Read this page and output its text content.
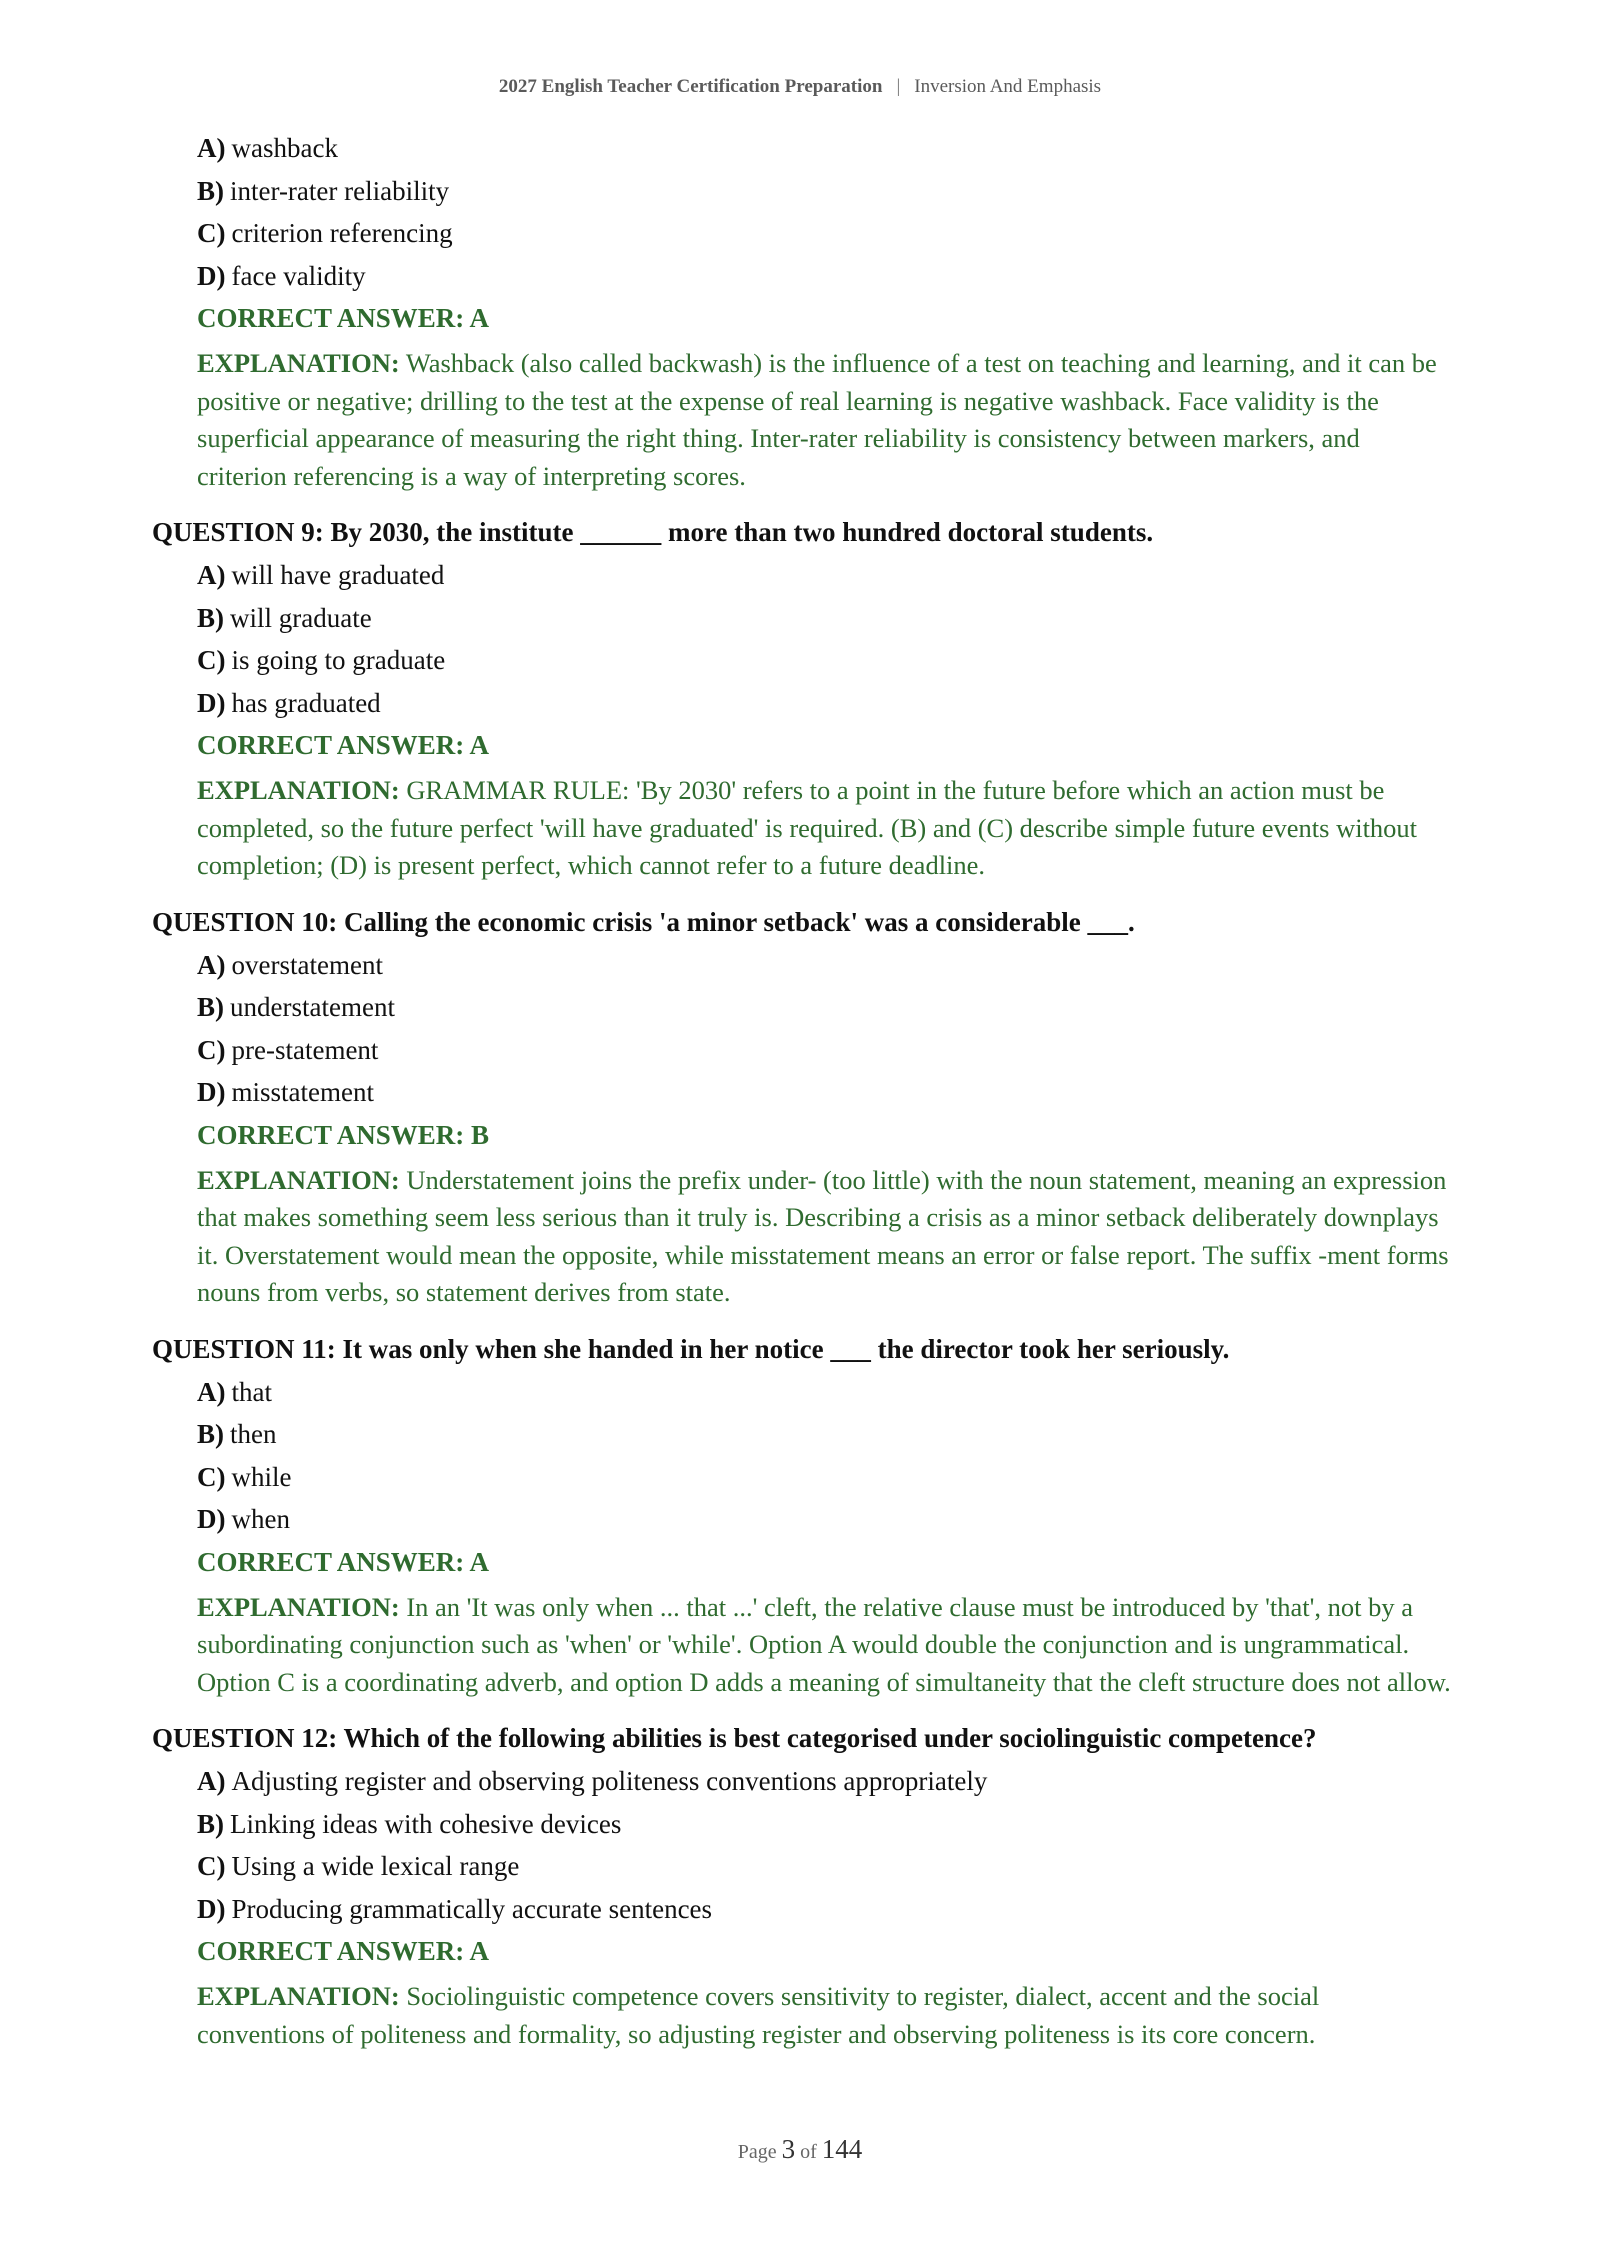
2027 English Teacher Certification Preparation | Inversion And Emphasis
A) washback
B) inter-rater reliability
C) criterion referencing
D) face validity
CORRECT ANSWER: A
EXPLANATION: Washback (also called backwash) is the influence of a test on teaching and learning, and it can be positive or negative; drilling to the test at the expense of real learning is negative washback. Face validity is the superficial appearance of measuring the right thing. Inter-rater reliability is consistency between markers, and criterion referencing is a way of interpreting scores.
QUESTION 9: By 2030, the institute ______ more than two hundred doctoral students.
A) will have graduated
B) will graduate
C) is going to graduate
D) has graduated
CORRECT ANSWER: A
EXPLANATION: GRAMMAR RULE: 'By 2030' refers to a point in the future before which an action must be completed, so the future perfect 'will have graduated' is required. (B) and (C) describe simple future events without completion; (D) is present perfect, which cannot refer to a future deadline.
QUESTION 10: Calling the economic crisis 'a minor setback' was a considerable ___.
A) overstatement
B) understatement
C) pre-statement
D) misstatement
CORRECT ANSWER: B
EXPLANATION: Understatement joins the prefix under- (too little) with the noun statement, meaning an expression that makes something seem less serious than it truly is. Describing a crisis as a minor setback deliberately downplays it. Overstatement would mean the opposite, while misstatement means an error or false report. The suffix -ment forms nouns from verbs, so statement derives from state.
QUESTION 11: It was only when she handed in her notice ___ the director took her seriously.
A) that
B) then
C) while
D) when
CORRECT ANSWER: A
EXPLANATION: In an 'It was only when ... that ...' cleft, the relative clause must be introduced by 'that', not by a subordinating conjunction such as 'when' or 'while'. Option A would double the conjunction and is ungrammatical. Option C is a coordinating adverb, and option D adds a meaning of simultaneity that the cleft structure does not allow.
QUESTION 12: Which of the following abilities is best categorised under sociolinguistic competence?
A) Adjusting register and observing politeness conventions appropriately
B) Linking ideas with cohesive devices
C) Using a wide lexical range
D) Producing grammatically accurate sentences
CORRECT ANSWER: A
EXPLANATION: Sociolinguistic competence covers sensitivity to register, dialect, accent and the social conventions of politeness and formality, so adjusting register and observing politeness is its core concern.
Page 3 of 144
